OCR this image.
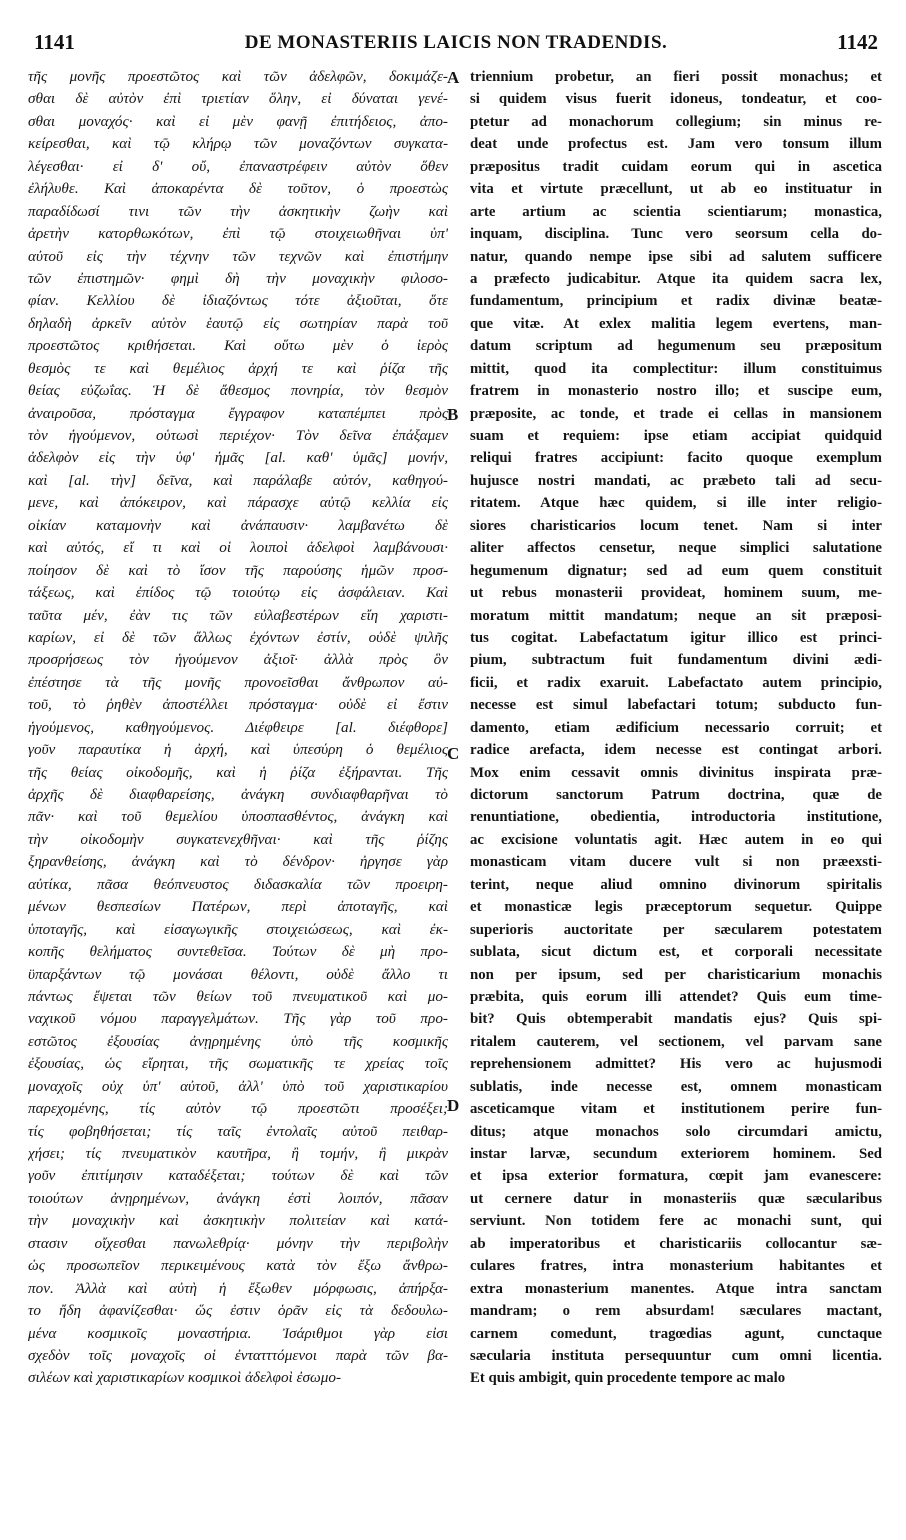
1141	DE MONASTERIIS LAICIS NON TRADENDIS.	1142
τῆς μονῆς προεστῶτος καὶ τῶν ἀδελφῶν, δοκιμάζε-
σθαι δὲ αὐτὸν ἐπὶ τριετίαν ὅλην, εἰ δύναται γενέ-
σθαι μοναχός· καὶ εἰ μὲν φανῇ ἐπιτήδειος, ἀπο-
κείρεσθαι, καὶ τῷ κλήρῳ τῶν μοναζόντων συγκατα-
λέγεσθαι· εἰ δ' οὔ, ἐπαναστρέφειν αὐτὸν ὅθεν
ἐλήλυθε. Καὶ ἀποκαρέντα δὲ τοῦτον, ὁ προεστὼς
παραδίδωσί τινι τῶν τὴν ἀσκητικὴν ζωὴν καὶ
ἀρετὴν κατορθωκότων, ἐπὶ τῷ στοιχειωθῆναι ὑπ'
αὐτοῦ εἰς τὴν τέχνην τῶν τεχνῶν καὶ ἐπιστήμην
τῶν ἐπιστημῶν· φημὶ δὴ τὴν μοναχικὴν φιλοσο-
φίαν. Κελλίου δὲ ἰδιαζόντως τότε ἀξιοῦται, ὅτε
δηλαδὴ ἀρκεῖν αὐτὸν ἑαυτῷ εἰς σωτηρίαν παρὰ τοῦ
προεστῶτος κριθήσεται. Καὶ οὕτω μὲν ὁ ἱερὸς
θεσμὸς τε καὶ θεμέλιος ἀρχή τε καὶ ῥίζα τῆς
θείας εὐζωΐας. Ἡ δὲ ἄθεσμος πονηρία, τὸν θεσμὸν
ἀναιροῦσα, πρόσταγμα ἔγγραφον καταπέμπει πρὸς
τὸν ἡγούμενον, οὑτωσὶ περιέχον· Τὸν δεῖνα ἐπάξαμεν
ἀδελφὸν εἰς τὴν ὑφ' ἡμᾶς [al. καθ' ὑμᾶς] μονήν,
καὶ [al. τὴν] δεῖνα, καὶ παράλαβε αὐτόν, καθηγού-
μενε, καὶ ἀπόκειρον, καὶ πάρασχε αὐτῷ κελλία εἰς
οἰκίαν καταμονὴν καὶ ἀνάπαυσιν· λαμβανέτω δὲ
καὶ αὐτός, εἴ τι καὶ οἱ λοιποὶ ἀδελφοὶ λαμβάνουσι·
ποίησον δὲ καὶ τὸ ἴσον τῆς παρούσης ἡμῶν προσ-
τάξεως, καὶ ἐπίδος τῷ τοιούτῳ εἰς ἀσφάλειαν. Καὶ
ταῦτα μέν, ἐὰν τις τῶν εὐλαβεστέρων εἴη χαριστι-
καρίων, εἰ δὲ τῶν ἄλλως ἐχόντων ἐστίν, οὐδὲ ψιλῆς
προσρήσεως τὸν ἡγούμενον ἀξιοῖ· ἀλλὰ πρὸς ὃν
ἐπέστησε τὰ τῆς μονῆς προνοεῖσθαι ἄνθρωπον αὐ-
τοῦ, τὸ ῥηθὲν ἀποστέλλει πρόσταγμα· οὐδὲ εἰ ἔστιν
ἡγούμενος, καθηγούμενος. Διέφθειρε [al. διέφθορε]
γοῦν παραυτίκα ἡ ἀρχή, καὶ ὑπεσύρη ὁ θεμέλιος
τῆς θείας οἰκοδομῆς, καὶ ἡ ῥίζα ἐξήρανται. Τῆς
ἀρχῆς δὲ διαφθαρείσης, ἀνάγκη συνδιαφθαρῆναι τὸ
πᾶν· καὶ τοῦ θεμελίου ὑποσπασθέντος, ἀνάγκη καὶ
τὴν οἰκοδομὴν συγκατενεχθῆναι· καὶ τῆς ῥίζης
ξηρανθείσης, ἀνάγκη καὶ τὸ δένδρον· ἠργησε γὰρ
αὐτίκα, πᾶσα θεόπνευστος διδασκαλία τῶν προειρη-
μένων θεσπεσίων Πατέρων, περὶ ἀποταγῆς, καὶ
ὑποταγῆς, καὶ εἰσαγωγικῆς στοιχειώσεως, καὶ ἐκ-
κοπῆς θελήματος συντεθεῖσα. Τούτων δὲ μὴ προ-
ϋπαρξάντων τῷ μονάσαι θέλοντι, οὐδὲ ἄλλο τι
πάντως ἔψεται τῶν θείων τοῦ πνευματικοῦ καὶ μο-
ναχικοῦ νόμου παραγγελμάτων. Τῆς γὰρ τοῦ προ-
εστῶτος ἐξουσίας ἀνῃρημένης ὑπὸ τῆς κοσμικῆς
ἐξουσίας, ὡς εἴρηται, τῆς σωματικῆς τε χρείας τοῖς
μοναχοῖς οὐχ ὑπ' αὐτοῦ, ἀλλ' ὑπὸ τοῦ χαριστικαρίου
παρεχομένης, τίς αὐτὸν τῷ προεστῶτι προσέξει;
τίς φοβηθήσεται; τίς ταῖς ἐντολαῖς αὐτοῦ πειθαρ-
χήσει; τίς πνευματικὸν καυτῆρα, ἢ τομήν, ἢ μικρὰν
γοῦν ἐπιτίμησιν καταδέξεται; τούτων δὲ καὶ τῶν
τοιούτων ἀνῃρημένων, ἀνάγκη ἐστὶ λοιπόν, πᾶσαν
τὴν μοναχικὴν καὶ ἀσκητικὴν πολιτείαν καὶ κατά-
στασιν οἴχεσθαι πανωλεθρίᾳ· μόνην τὴν περιβολὴν
ὡς προσωπεῖον περικειμένους κατὰ τὸν ἔξω ἄνθρω-
πον. Ἀλλὰ καὶ αὐτὴ ἡ ἔξωθεν μόρφωσις, ἀπήρξα-
το ἤδη ἀφανίζεσθαι· ὥς ἐστιν ὁρᾶν εἰς τὰ δεδουλω-
μένα κοσμικοῖς μοναστήρια. Ἰσάριθμοι γὰρ εἰσι
σχεδὸν τοῖς μοναχοῖς οἱ ἐντατττόμενοι παρὰ τῶν βα-
σιλέων καὶ χαριστικαρίων κοσμικοὶ ἀδελφοὶ ἐσωμο-
A
B
C
D
triennium probetur, an fieri possit monachus; et
si quidem visus fuerit idoneus, tondeatur, et coo-
ptetur ad monachorum collegium; sin minus re-
deat unde profectus est. Jam vero tonsum illum
præpositus tradit cuidam eorum qui in ascetica
vita et virtute præcellunt, ut ab eo instituatur in
arte artium ac scientia scientiarum; monastica,
inquam, disciplina. Tunc vero seorsum cella do-
natur, quando nempe ipse sibi ad salutem sufficere
a præfecto judicabitur. Atque ita quidem sacra lex,
fundamentum, principium et radix divinæ beatæ-
que vitæ. At exlex malitia legem evertens, man-
datum scriptum ad hegumenum seu præpositum
mittit, quod ita complectitur: illum constituimus
fratrem in monasterio nostro illo; et suscipe eum,
præposite, ac tonde, et trade ei cellas in mansionem
suam et requiem: ipse etiam accipiat quidquid
reliqui fratres accipiunt: facito quoque exemplum
hujusce nostri mandati, ac præbeto tali ad secu-
ritatem. Atque hæc quidem, si ille inter religio-
siores charisticarios locum tenet. Nam si inter
aliter affectos censetur, neque simplici salutatione
hegumenum dignatur; sed ad eum quem constituit
ut rebus monasterii provideat, hominem suum, me-
moratum mittit mandatum; neque an sit præposi-
tus cogitat. Labefactatum igitur illico est princi-
pium, subtractum fuit fundamentum divini ædi-
ficii, et radix exaruit. Labefactato autem principio,
necesse est simul labefactari totum; subducto fun-
damento, etiam ædificium necessario corruit; et
radice arefacta, idem necesse est contingat arbori.
Mox enim cessavit omnis divinitus inspirata præ-
dictorum sanctorum Patrum doctrina, quæ de
renuntiatione, obedientia, introductoria institutione,
ac excisione voluntatis agit. Hæc autem in eo qui
monasticam vitam ducere vult si non præexsti-
terint, neque aliud omnino divinorum spiritalis
et monasticæ legis præceptorum sequetur. Quippe
superioris auctoritate per sæcularem potestatem
sublata, sicut dictum est, et corporali necessitate
non per ipsum, sed per charisticarium monachis
præbita, quis eorum illi attendet? Quis eum time-
bit? Quis obtemperabit mandatis ejus? Quis spi-
ritalem cauterem, vel sectionem, vel parvam sane
reprehensionem admittet? His vero ac hujusmodi
sublatis, inde necesse est, omnem monasticam
asceticamque vitam et institutionem perire fun-
ditus; atque monachos solo circumdari amictu,
instar larvæ, secundum exteriorem hominem. Sed
et ipsa exterior formatura, cœpit jam evanescere:
ut cernere datur in monasteriis quæ sæcularibus
serviunt. Non totidem fere ac monachi sunt, qui
ab imperatoribus et charisticariis collocantur sæ-
culares fratres, intra monasterium habitantes et
extra monasterium manentes. Atque intra sanctam
mandram; o rem absurdam! sæculares mactant,
carnem comedunt, tragœdias agunt, cunctaque
sæcularia instituta persequuntur cum omni licentia.
Et quis ambigit, quin procedente tempore ac malo
